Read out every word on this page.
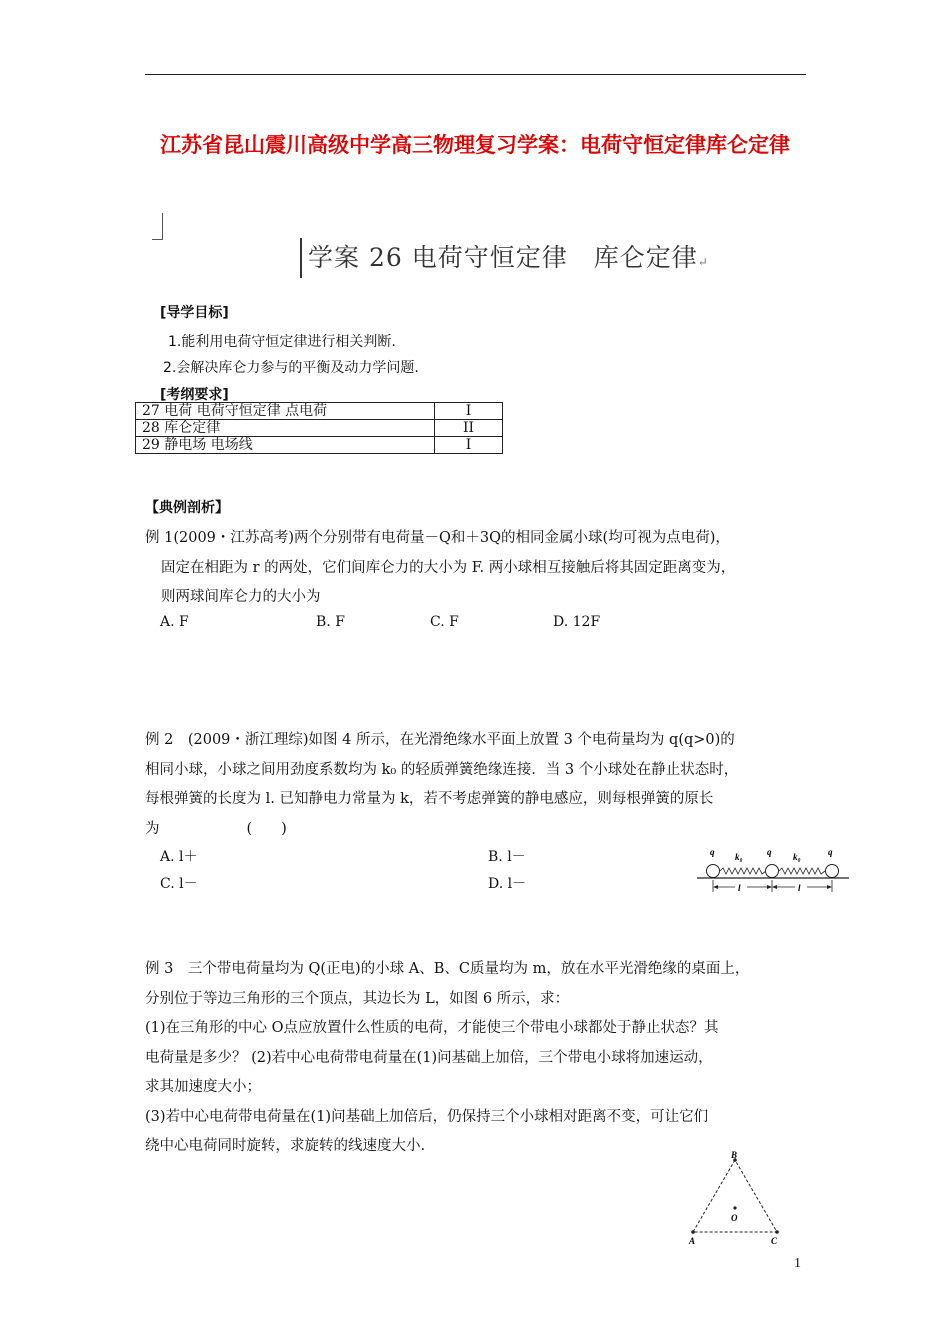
江苏省昆山震川高级中学高三物理复习学案：电荷守恒定律库仑定律
学案 26 电荷守恒定律　库仑定律↵
[导学目标]
1.能利用电荷守恒定律进行相关判断.
2.会解决库仑力参与的平衡及动力学问题.
[考纲要求]
27 电荷 电荷守恒定律 点电荷	I
28 库仑定律	II
29 静电场 电场线	I
【典例剖析】
例 1(2009・江苏高考)两个分别带有电荷量－Q和＋3Q的相同金属小球(均可视为点电荷)，
固定在相距为 r 的两处，它们间库仑力的大小为 F. 两小球相互接触后将其固定距离变为，
则两球间库仑力的大小为
A. F	B. F	C. F	D. 12F
例 2　(2009・浙江理综)如图 4 所示，在光滑绝缘水平面上放置 3 个电荷量均为 q(q>0)的
相同小球，小球之间用劲度系数均为 k₀ 的轻质弹簧绝缘连接．当 3 个小球处在静止状态时，
每根弹簧的长度为 l. 已知静电力常量为 k，若不考虑弹簧的静电感应，则每根弹簧的原长
为　　　　　　(　　)
A. l＋	B. l－
C. l－	D. l－
q k₀	q k₀	q
l	l
例 3　三个带电荷量均为 Q(正电)的小球 A、B、C质量均为 m，放在水平光滑绝缘的桌面上，
分别位于等边三角形的三个顶点，其边长为 L，如图 6 所示，求：
(1)在三角形的中心 O点应放置什么性质的电荷，才能使三个带电小球都处于静止状态？其
电荷量是多少？ (2)若中心电荷带电荷量在(1)问基础上加倍，三个带电小球将加速运动，
求其加速度大小；
(3)若中心电荷带电荷量在(1)问基础上加倍后，仍保持三个小球相对距离不变，可让它们
绕中心电荷同时旋转，求旋转的线速度大小.
B
A	C
O
1
